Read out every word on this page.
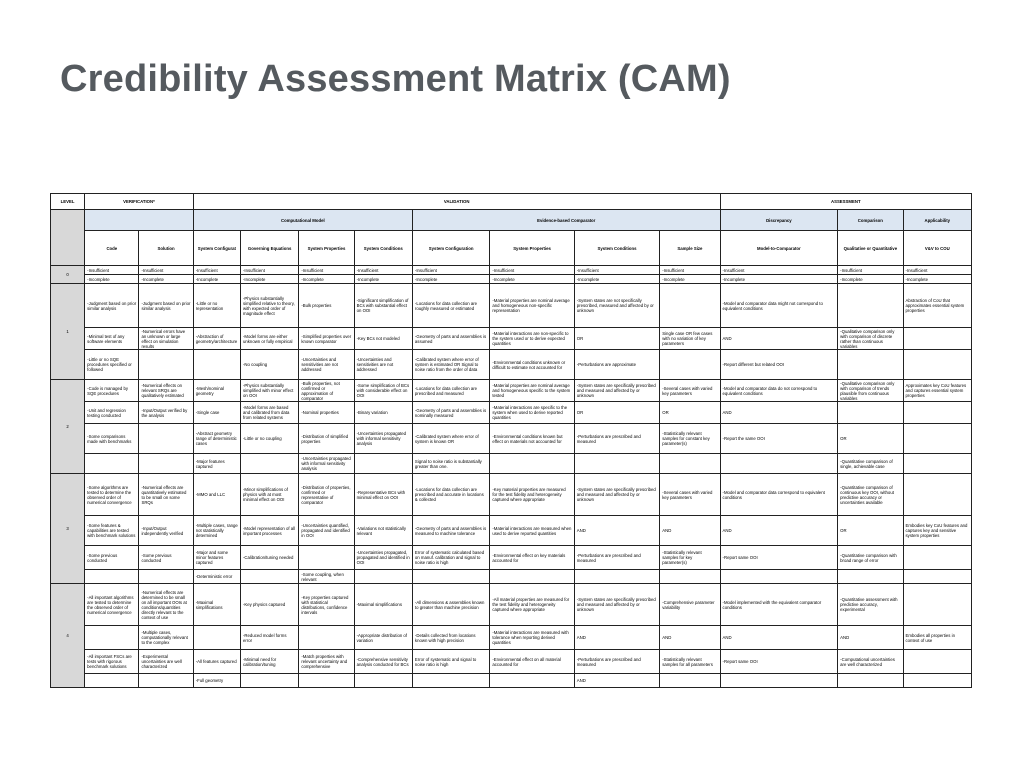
Credibility Assessment Matrix (CAM)
LEVEL	VERIFICATION*		VALIDATION								ASSESSMENT		
			Computational Model				Evidence-based Comparator				Discrepancy	Comparison	Applicability
	Code	Solution	System Configurat	Governing Equations	System Properties	System Conditions	System Configuration	System Properties	System Conditions	Sample Size	Model-to-Comparator	Qualitative or Quantitative	V&V to COU
0	-Insufficient	-Insufficient	-Insufficient	-Insufficient	-Insufficient	-Insufficient	-Insufficient	-Insufficient	-Insufficient	-Insufficient	-Insufficient	-Insufficient	-Insufficient
	-Incomplete	-Incomplete	-Incomplete	-Incomplete	-Incomplete	-Incomplete	-Incomplete	-Incomplete	-Incomplete	-Incomplete	-Incomplete	-Incomplete	-Incomplete
1	-Judgment based on prior similar analysis	-Judgment based on prior similar analysis	-Little or no representation	-Physics substantially simplified relative to theory, with expected order of magnitude effect	-Bulk properties	-Significant simplification of BCs with substantial effect on OOI	-Locations for data collection are roughly measured or estimated	-Material properties are nominal average and homogeneous non-specific representation	-System states are not specifically prescribed, measured and affected by or unknown		-Model and comparator data might not correspond to equivalent conditions		Abstraction of CoU that approximates essential system properties
	-Minimal test of any software elements	-Numerical errors have an unknown or large effect on simulation results	-Abstraction of geometry/architecture	-Model forms are either unknown or fully empirical	-Simplified properties over known comparator	-Key BCs not modeled	-Geometry of parts and assemblies is assumed	-Material interactions are non-specific to the system used or to derive expected quantities	OR	Single case OR few cases with no variation of key parameters	AND	-Qualitative comparison only with comparison of discrete rather than continuous variables	
	-Little or no SQE procedures specified or followed			-No coupling	-Uncertainties and sensitivities are not addressed	-Uncertainties and sensitivities are not addressed	-Calibrated system where error of system is estimated OR Signal to noise ratio from the order of data	-Environmental conditions unknown or difficult to estimate not accounted for	-Perturbations are approximate		-Report different but related OOI		
2	-Code is managed by SQE procedures	-Numerical effects on relevant SRQs are qualitatively estimated	-Mesh/nominal geometry	-Physics substantially simplified with minor effect on OOI	-Bulk properties, not confirmed or approximation of comparator	-Some simplification of BCs with considerable effect on OOI	-Locations for data collection are prescribed and measured	-Material properties are nominal average and homogeneous specific to the system tested	-System states are specifically prescribed and measured and affected by or unknown	-Several cases with varied key parameters	-Model and comparator data do not correspond to equivalent conditions	-Qualitative comparison only with comparison of trends plausible from continuous variables	Approximates key CoU features and captures essential system properties
	-Unit and regression testing conducted	-Input/Output verified by the analysis	-Single case	-Model forms are based and calibrated from data from related systems	-Nominal properties	-Binary variation	-Geometry of parts and assemblies is nominally measured	-Material interactions are specific to the system when used to derive reported quantities	OR	OR	AND		
	-Some comparisons made with benchmarks		-Abstract geometry range of deterministic cases	-Little or no coupling	-Distribution of simplified properties	-Uncertainties propagated with informal sensitivity analysis	-Calibrated system where error of system is known OR	-Environmental conditions known but effect on materials not accounted for	-Perturbations are prescribed and measured	-Statistically relevant samples for constant key parameter(s)	-Report the same OOI	OR	
			-Major features captured		-Uncertainties propagated with informal sensitivity analysis		Signal to noise ratio is substantially greater than one.					-Quantitative comparison of single, achievable case	
3	-Some algorithms are tested to determine the observed order of numerical convergence	-Numerical effects are quantitatively estimated to be small on some SRQs	-MMO and LLC	-Minor simplifications of physics with at most minimal effect on OOI	-Distribution of properties, confirmed or representative of comparator	-Representative BCs with minimal effect on OOI	-Locations for data collection are prescribed and accurate in locations & collected	-Key material properties are measured for the test fidelity and heterogeneity captured where appropriate	-System states are specifically prescribed and measured and affected by or unknown	-Several cases with varied key parameters	-Model and comparator data correspond to equivalent conditions	-Quantitative comparison of continuous key OOI, without predictive accuracy or uncertainties available	
	-Some features & capabilities are tested with benchmark solutions	-Input/Output independently verified	-Multiple cases, range not statistically determined	-Model representation of all important processes	-Uncertainties quantified, propagated and identified in OOI	-Variations not statistically relevant	-Geometry of parts and assemblies is measured to machine tolerance	-Material interactions are measured when used to derive reported quantities	AND	AND	AND	OR	Embodies key CoU features and captures key and sensitive system properties
	-Some previous conducted	-Some previous conducted	-Major and some minor features captured	-Calibration/tuning needed		-Uncertainties propagated, propagated and identified in OOI	Error of systematic calculated based on manuf. calibration and signal to noise ratio is high	-Environmental effect on key materials accounted for	-Perturbations are prescribed and measured	-Statistically relevant samples for key parameter(s)	-Report same OOI	-Quantitative comparison with broad range of error	
			-Deterministic error		-Some coupling, when relevant								
4	-All important algorithms are tested to determine the observed order of numerical convergence	-Numerical effects are determined to be small on all important OOIs at conditions/quantities directly relevant to the context of use	-Maximal simplifications	-Key physics captured	-Key properties captured with statistical distributions, confidence intervals	-Maximal simplifications	-All dimensions & assemblies known to greater than machine precision	-All material properties are measured for the test fidelity and heterogeneity captured where appropriate	-System states are specifically prescribed and measured and affected by or unknown	-Comprehensive parameter variability	-Model implemented with the equivalent comparator conditions	-Quantitative assessment with predictive accuracy, experimental	
		-Multiple cases, computationally relevant to the complex		-Reduced model forms error		-Appropriate distribution of variation	-Details collected from locations known with high precision	-Material interactions are measured with tolerance when reporting derived quantities	AND	AND	AND	AND	Embodies all properties in context of use
	-All important FSCs are tests with rigorous benchmark solutions	-Experimental uncertainties are well characterized	-All features captured	-Minimal need for calibration/tuning	-Match properties with relevant uncertainty and comprehensive	-Comprehensive sensitivity analysis conducted for BCs	Error of systematic and signal to noise ratio is high	-Environmental effect on all material accounted for	-Perturbations are prescribed and measured	-Statistically relevant samples for all parameters	-Report same OOI	-Computational uncertainties are well characterized	
			-Full geometry						AND				
